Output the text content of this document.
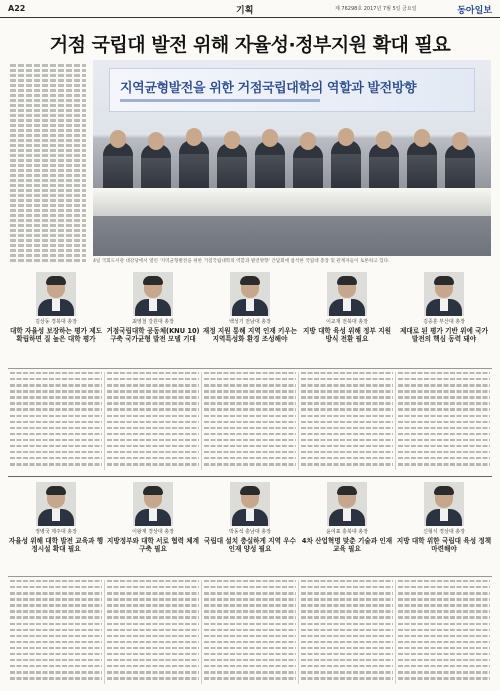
A22	기획	제 76298호 2017년 7월 5일 금요일	동아일보
거점 국립대 발전 위해 자율성·정부지원 확대 필요
지역균형발전을 위한 거점국립대학의 역할과 발전방향
4일 국회도서관 대강당에서 열린 '지역균형발전을 위한 거점국립대학의 역할과 발전방향' 간담회에 참석한 국립대 총장 및 관계자들이 토론하고 있다.
김상동 경북대 총장
대학 자율성 보장하는 평가 제도 확립하면 질 높은 대학 평가
최영철 강원대 총장
거점국립대학 공동체(KNU 10) 구축 국가균형 발전 모델 기대
백성기 전남대 총장
재정 지원 통해 지역 인재 키우는 지역특성화 환경 조성해야
이교재 전북대 총장
지방 대학 육성 위해 정부 지원 방식 전환 필요
김종훈 부산대 총장
제대로 된 평가 기반 위에 국가 발전의 핵심 동력 돼야
정병국 제주대 총장
자율성 위해 대학 발전 교육과 행정시설 확대 필요
이왕재 경상대 총장
지방정부와 대학 서로 협력 체계 구축 필요
박동석 충남대 총장
국립대 설치 충실하게 지역 우수 인재 양성 필요
윤여표 충북대 총장
4차 산업혁명 맞춘 기술과 인재 교육 필요
신형식 경상대 총장
지방 대학 위한 국립대 육성 정책 마련해야
